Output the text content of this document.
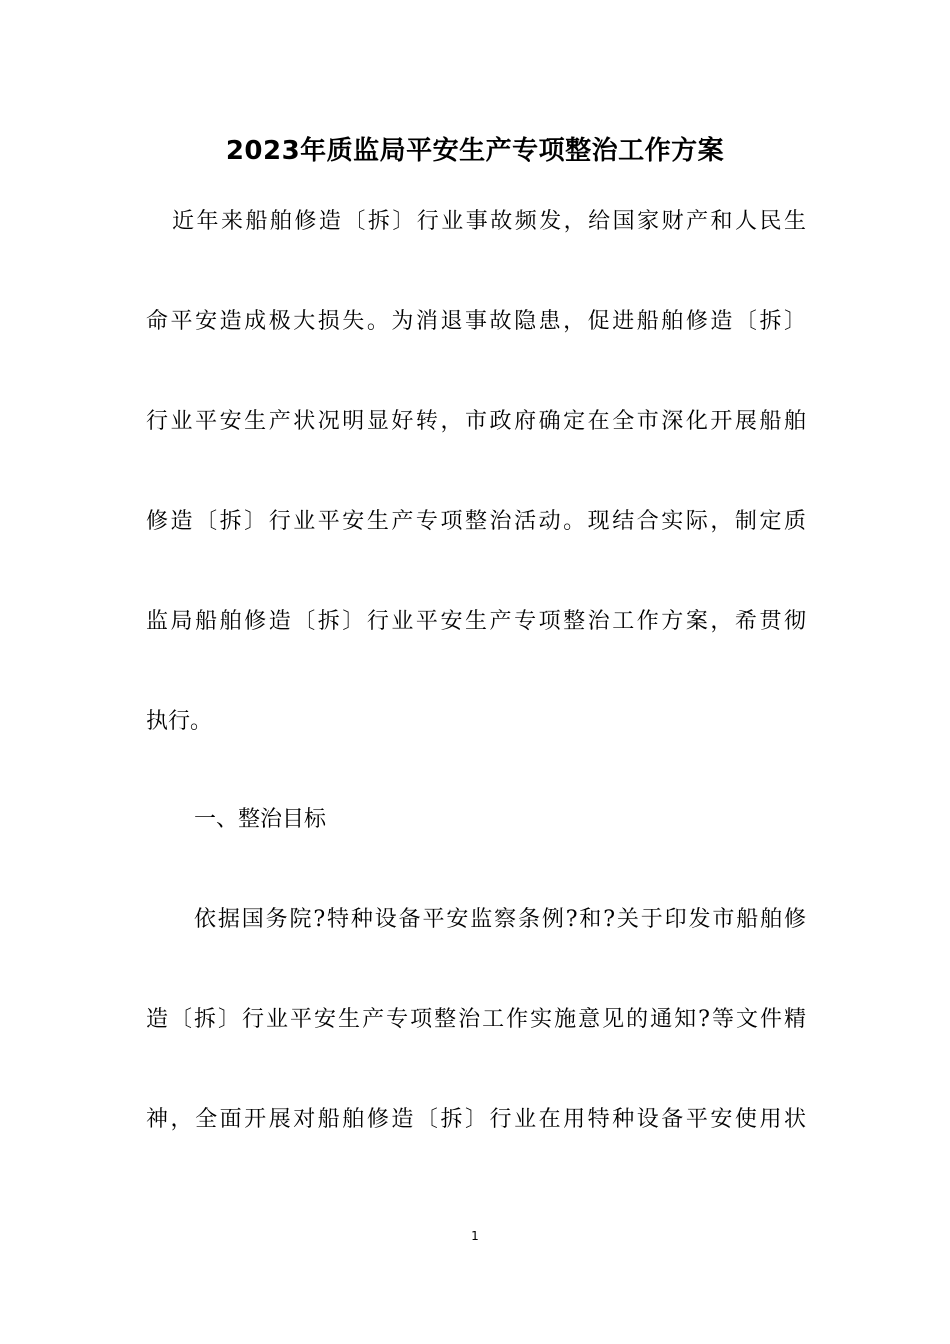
2023年质监局平安生产专项整治工作方案
近年来船舶修造〔拆〕行业事故频发，给国家财产和人民生
命平安造成极大损失。为消退事故隐患，促进船舶修造〔拆〕
行业平安生产状况明显好转，市政府确定在全市深化开展船舶
修造〔拆〕行业平安生产专项整治活动。现结合实际，制定质
监局船舶修造〔拆〕行业平安生产专项整治工作方案，希贯彻
执行。
一、整治目标
依据国务院?特种设备平安监察条例?和?关于印发市船舶修
造〔拆〕行业平安生产专项整治工作实施意见的通知?等文件精
神，全面开展对船舶修造〔拆〕行业在用特种设备平安使用状
1
